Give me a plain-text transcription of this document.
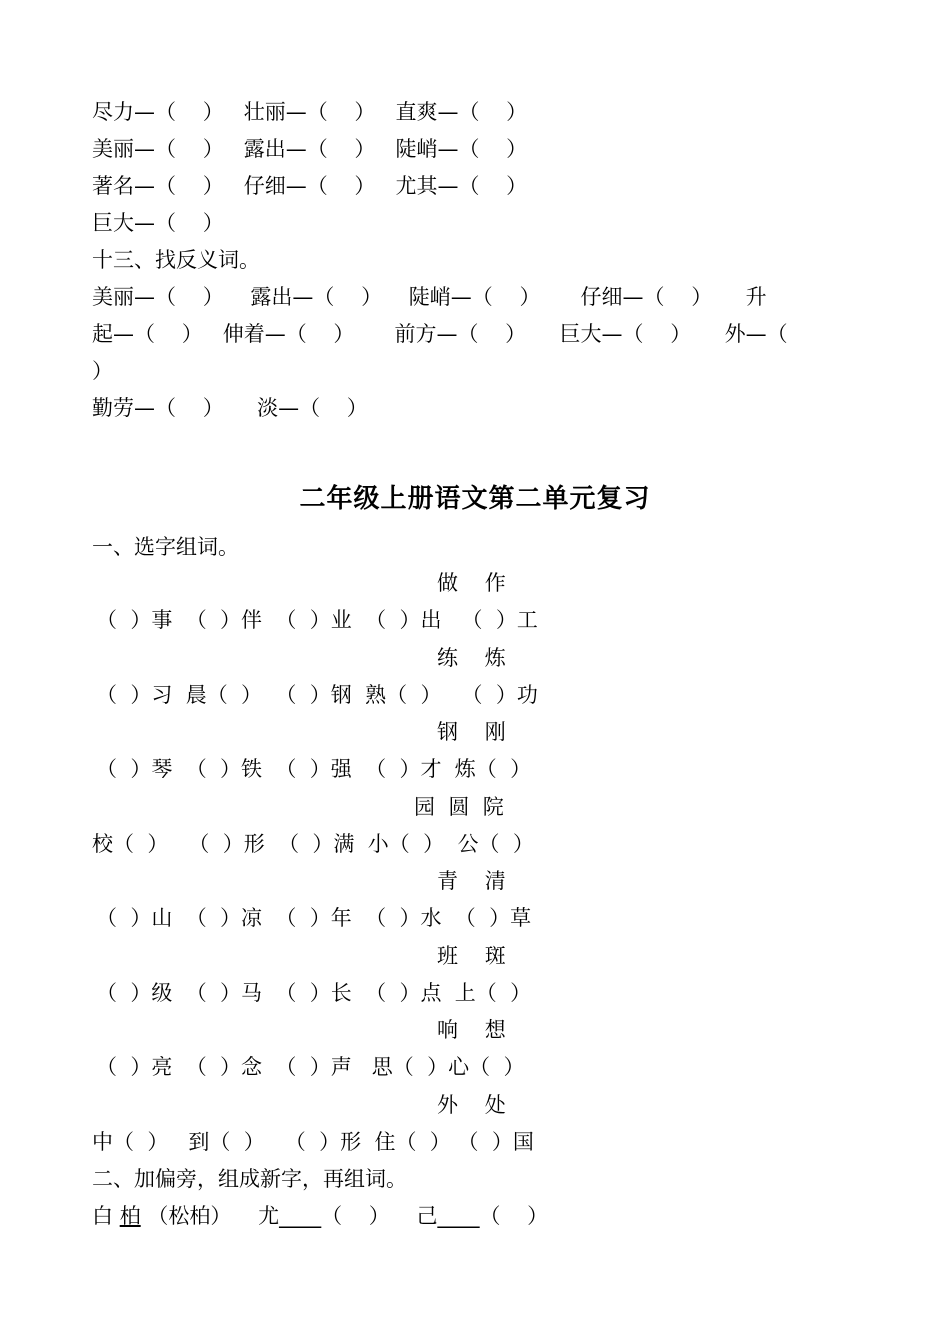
尽力—（    ）   壮丽—（    ）   直爽—（    ）
美丽—（    ）   露出—（    ）   陡峭—（    ）
著名—（    ）   仔细—（    ）   尤其—（    ）
巨大—（    ）
十三、找反义词。
美丽—（    ）    露出—（    ）    陡峭—（    ）      仔细—（    ）     升
起—（    ）   伸着—（    ）      前方—（    ）     巨大—（    ）     外—（
）
勤劳—（    ）     淡—（    ）
二年级上册语文第二单元复习
一、选字组词。
做    作
（  ）事  （  ）伴  （  ）业  （  ）出   （  ）工
练    炼
（  ）习  晨（  ）  （  ）钢  熟（  ）   （  ）功
钢    刚
（  ）琴  （  ）铁  （  ）强  （  ）才  炼（  ）
园  圆  院
校（  ）   （  ）形  （  ）满  小（  ）  公（  ）
青    清
（  ）山  （  ）凉  （  ）年  （  ）水  （  ）草
班    斑
（  ）级  （  ）马  （  ）长  （  ）点  上（  ）
响    想
（  ）亮  （  ）念  （  ）声   思（  ）心（  ）
外    处
中（  ）   到（  ）   （  ）形  住（  ） （  ）国
二、加偏旁，组成新字，再组词。
白 柏 （松柏）    尤____（    ）    己____（    ）
